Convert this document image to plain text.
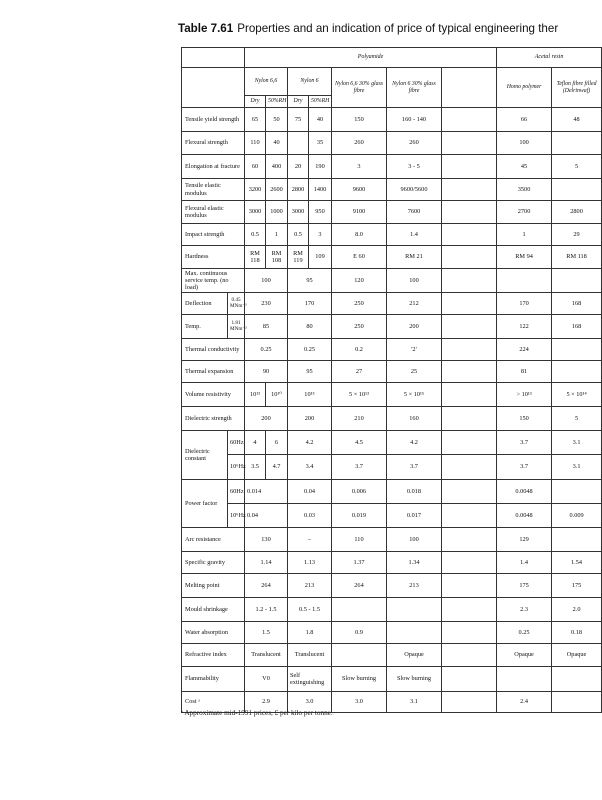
Table 7.61 Properties and an indication of price of typical engineering ther
		Polyamide							Acetal resin	
		Nylon 6,6		Nylon 6		Nylon 6,6 30% glass fibre	Nylon 6 30% glass fibre		Homo polymer	Teflon fibre filled (Delrinwaf)
		Dry	50%RH	Dry	50%RH					
Tensile yield strength		65	50	75	40	150	160 - 140		66	48
Flexural strength		110	40		35	260	260		100	
Elongation at fracture		60	400	20	190	3	3 - 5		45	5
Tensile elastic modulus		3200	2600	2800	1400	9600	9600/5600		3500	
Flexural elastic modulus		3000	1000	3000	950	9100	7600		2700	2800
Impact strength		0.5	1	0.5	3	8.0	1.4		1	29
Hardness		RM 118	RM 108	RM 119	109	E 60	RM 21		RM 94	RM 118
Max. continuous service temp. (no load)		100		95		120	100			
Deflection	0.45 MNm⁻²	230		170		250	212		170	168
Temp.	1.81 MNm⁻²	85		80		250	200		122	168
Thermal conductivity		0.25		0.25		0.2	'2'		224	
Thermal expansion		90		95		27	25		81	
Volume resistivity		10¹³	10¹⁰	10¹⁵		5 × 10¹³	5 × 10¹⁵		> 10¹³	5 × 10¹⁴
Dielectric strength		200		200		210	160		150	5
Dielectric constant	60Hz	4	6	4.2		4.5	4.2		3.7	3.1
	10⁶Hz	3.5	4.7	3.4		3.7	3.7		3.7	3.1
Power factor	60Hz	0.014		0.04		0.006	0.018		0.0048	
	10⁶Hz	0.04		0.03		0.019	0.017		0.0048	0.009
Arc resistance		130		–		110	100		129	
Specific gravity		1.14		1.13		1.37	1.34		1.4	1.54
Melting point		264		213		264	213		175	175
Mould shrinkage		1.2 - 1.5		0.5 - 1.5					2.3	2.0
Water absorption		1.5		1.8		0.9			0.25	0.18
Refractive index		Translucent		Translucent			Opaque		Opaque	Opaque
Flammability		V0		Self extinguishing		Slow burning	Slow burning			
Cost ᵃ		2.9		3.0		3.0	3.1		2.4	
ᵃ Approximate mid-1991 prices, £ per kilo per tonne.
